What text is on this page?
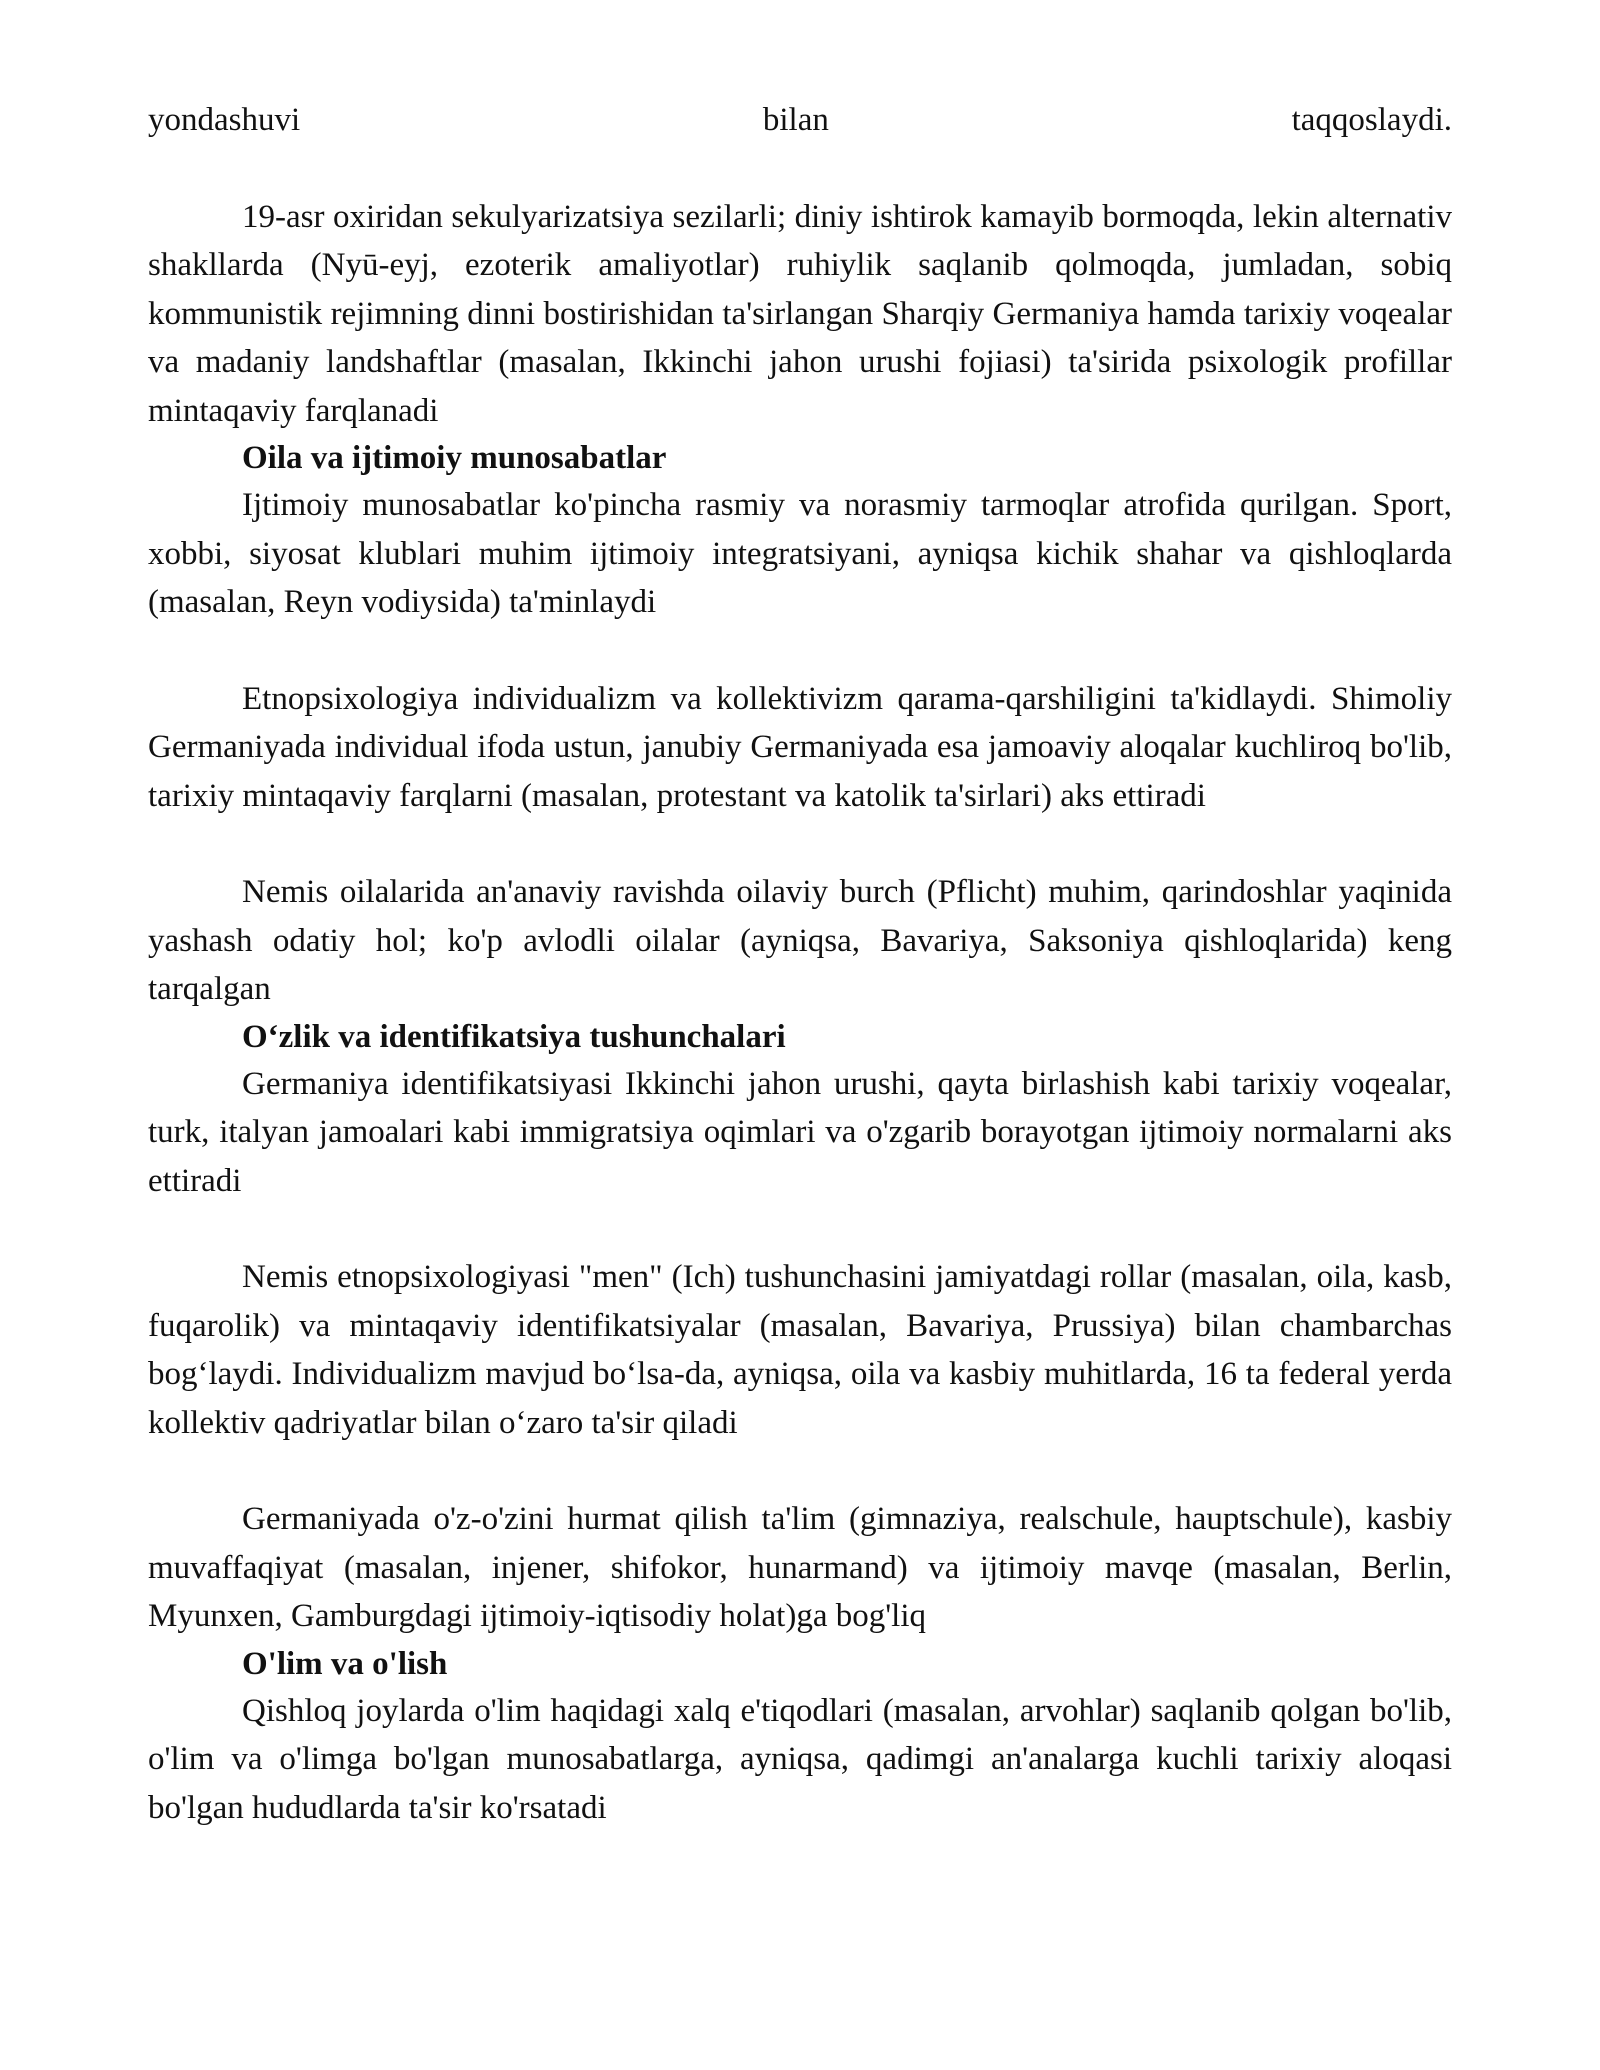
yondashuvi bilan taqqoslaydi.

19-asr oxiridan sekulyarizatsiya sezilarli; diniy ishtirok kamayib bormoqda, lekin alternativ shakllarda (Nyū-eyj, ezoterik amaliyotlar) ruhiylik saqlanib qolmoqda, jumladan, sobiq kommunistik rejimning dinni bostirishidan ta'sirlangan Sharqiy Germaniya hamda tarixiy voqealar va madaniy landshaftlar (masalan, Ikkinchi jahon urushi fojiasi) ta'sirida psixologik profillar mintaqaviy farqlanadi

Oila va ijtimoiy munosabatlar

Ijtimoiy munosabatlar ko'pincha rasmiy va norasmiy tarmoqlar atrofida qurilgan. Sport, xobbi, siyosat klublari muhim ijtimoiy integratsiyani, ayniqsa kichik shahar va qishloqlarda (masalan, Reyn vodiysida) ta'minlaydi

Etnopsixologiya individualizm va kollektivizm qarama-qarshiligini ta'kidlaydi. Shimoliy Germaniyada individual ifoda ustun, janubiy Germaniyada esa jamoaviy aloqalar kuchliroq bo'lib, tarixiy mintaqaviy farqlarni (masalan, protestant va katolik ta'sirlari) aks ettiradi

Nemis oilalarida an'anaviy ravishda oilaviy burch (Pflicht) muhim, qarindoshlar yaqinida yashash odatiy hol; ko'p avlodli oilalar (ayniqsa, Bavariya, Saksoniya qishloqlarida) keng tarqalgan

O‘zlik va identifikatsiya tushunchalari

Germaniya identifikatsiyasi Ikkinchi jahon urushi, qayta birlashish kabi tarixiy voqealar, turk, italyan jamoalari kabi immigratsiya oqimlari va o'zgarib borayotgan ijtimoiy normalarni aks ettiradi

Nemis etnopsixologiyasi "men" (Ich) tushunchasini jamiyatdagi rollar (masalan, oila, kasb, fuqarolik) va mintaqaviy identifikatsiyalar (masalan, Bavariya, Prussiya) bilan chambarchas bog‘laydi. Individualizm mavjud bo‘lsa-da, ayniqsa, oila va kasbiy muhitlarda, 16 ta federal yerda kollektiv qadriyatlar bilan o‘zaro ta'sir qiladi

Germaniyada o'z-o'zini hurmat qilish ta'lim (gimnaziya, realschule, hauptschule), kasbiy muvaffaqiyat (masalan, injener, shifokor, hunarmand) va ijtimoiy mavqe (masalan, Berlin, Myunxen, Gamburgdagi ijtimoiy-iqtisodiy holat)ga bog'liq

O'lim va o'lish

Qishloq joylarda o'lim haqidagi xalq e'tiqodlari (masalan, arvohlar) saqlanib qolgan bo'lib, o'lim va o'limga bo'lgan munosabatlarga, ayniqsa, qadimgi an'analarga kuchli tarixiy aloqasi bo'lgan hududlarda ta'sir ko'rsatadi
